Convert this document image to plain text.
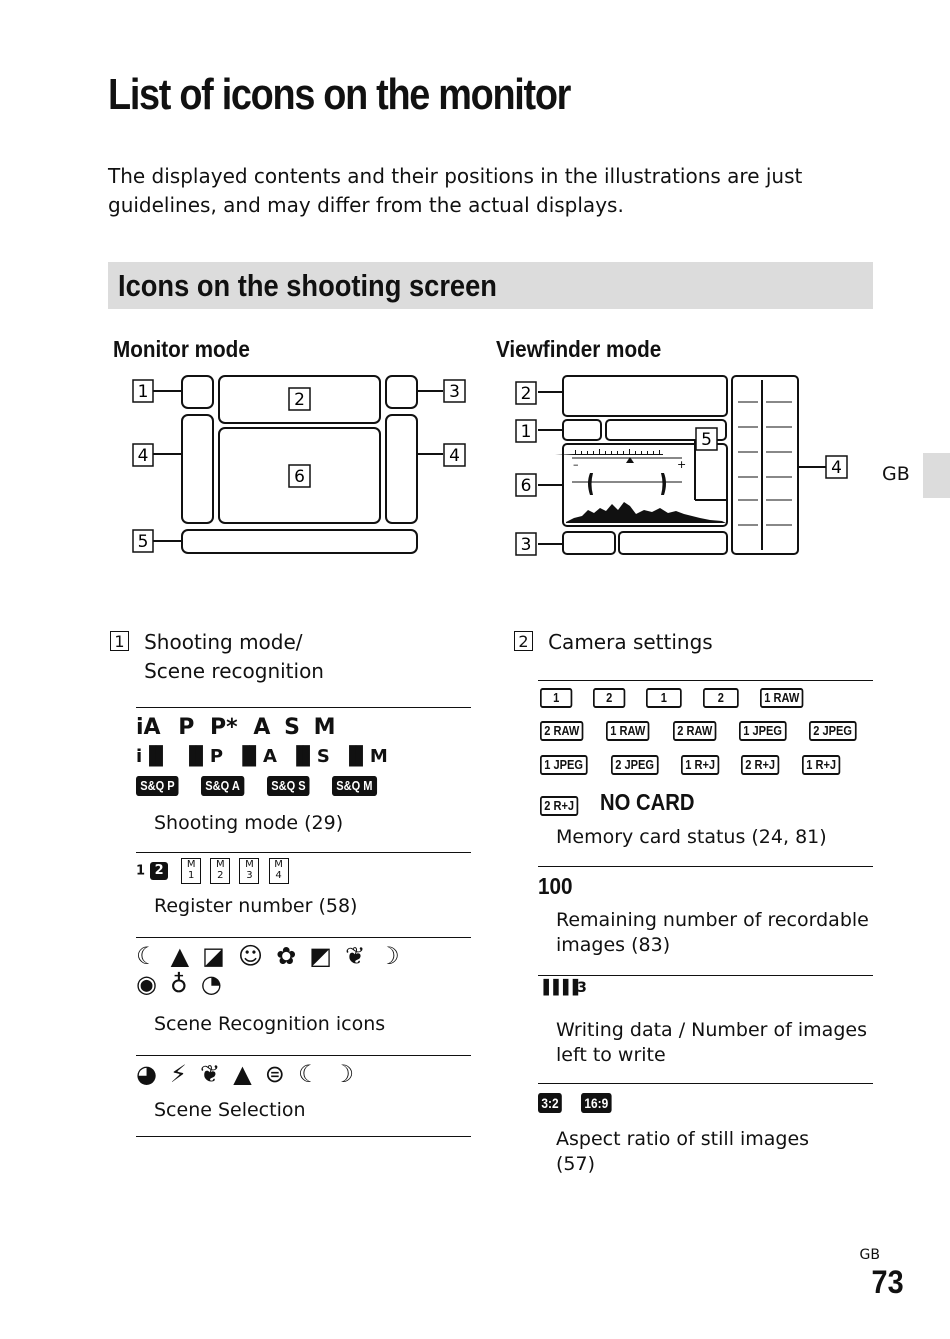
List of icons on the monitor
The displayed contents and their positions in the illustrations are just guidelines, and may differ from the actual displays.
Icons on the shooting screen
GB
Monitor mode	Viewfinder mode
1	2	3
4
6
4
5
–	+
2
1	5
6
4
3
1 Shooting mode/
Scene recognition
iA P P* A S M
i▐▌ ▐▌P ▐▌A ▐▌S ▐▌M
S&Q P S&Q A S&Q S S&Q M
Shooting mode (29)
1 2 M
1 M
2 M
3 M
4
Register number (58)
☾ ▲ ◪ ☺ ✿ ◩ ❦ ☽
◉ ♁ ◔
Scene Recognition icons
◕ ⚡ ❦ ▲ ⊜ ☾ ☽
Scene Selection
2 Camera settings
1	2	1	2	1 RAW
2 RAW 1 RAW 2 RAW 1 JPEG 2 JPEG
1 JPEG 2 JPEG 1 R+J 2 R+J 1 R+J
2 R+J NO CARD
Memory card status (24, 81)
100
Remaining number of recordable images (83)
▐▐▐▐3
Writing data / Number of images left to write
3:2 16:9
Aspect ratio of still images (57)
GB
73
